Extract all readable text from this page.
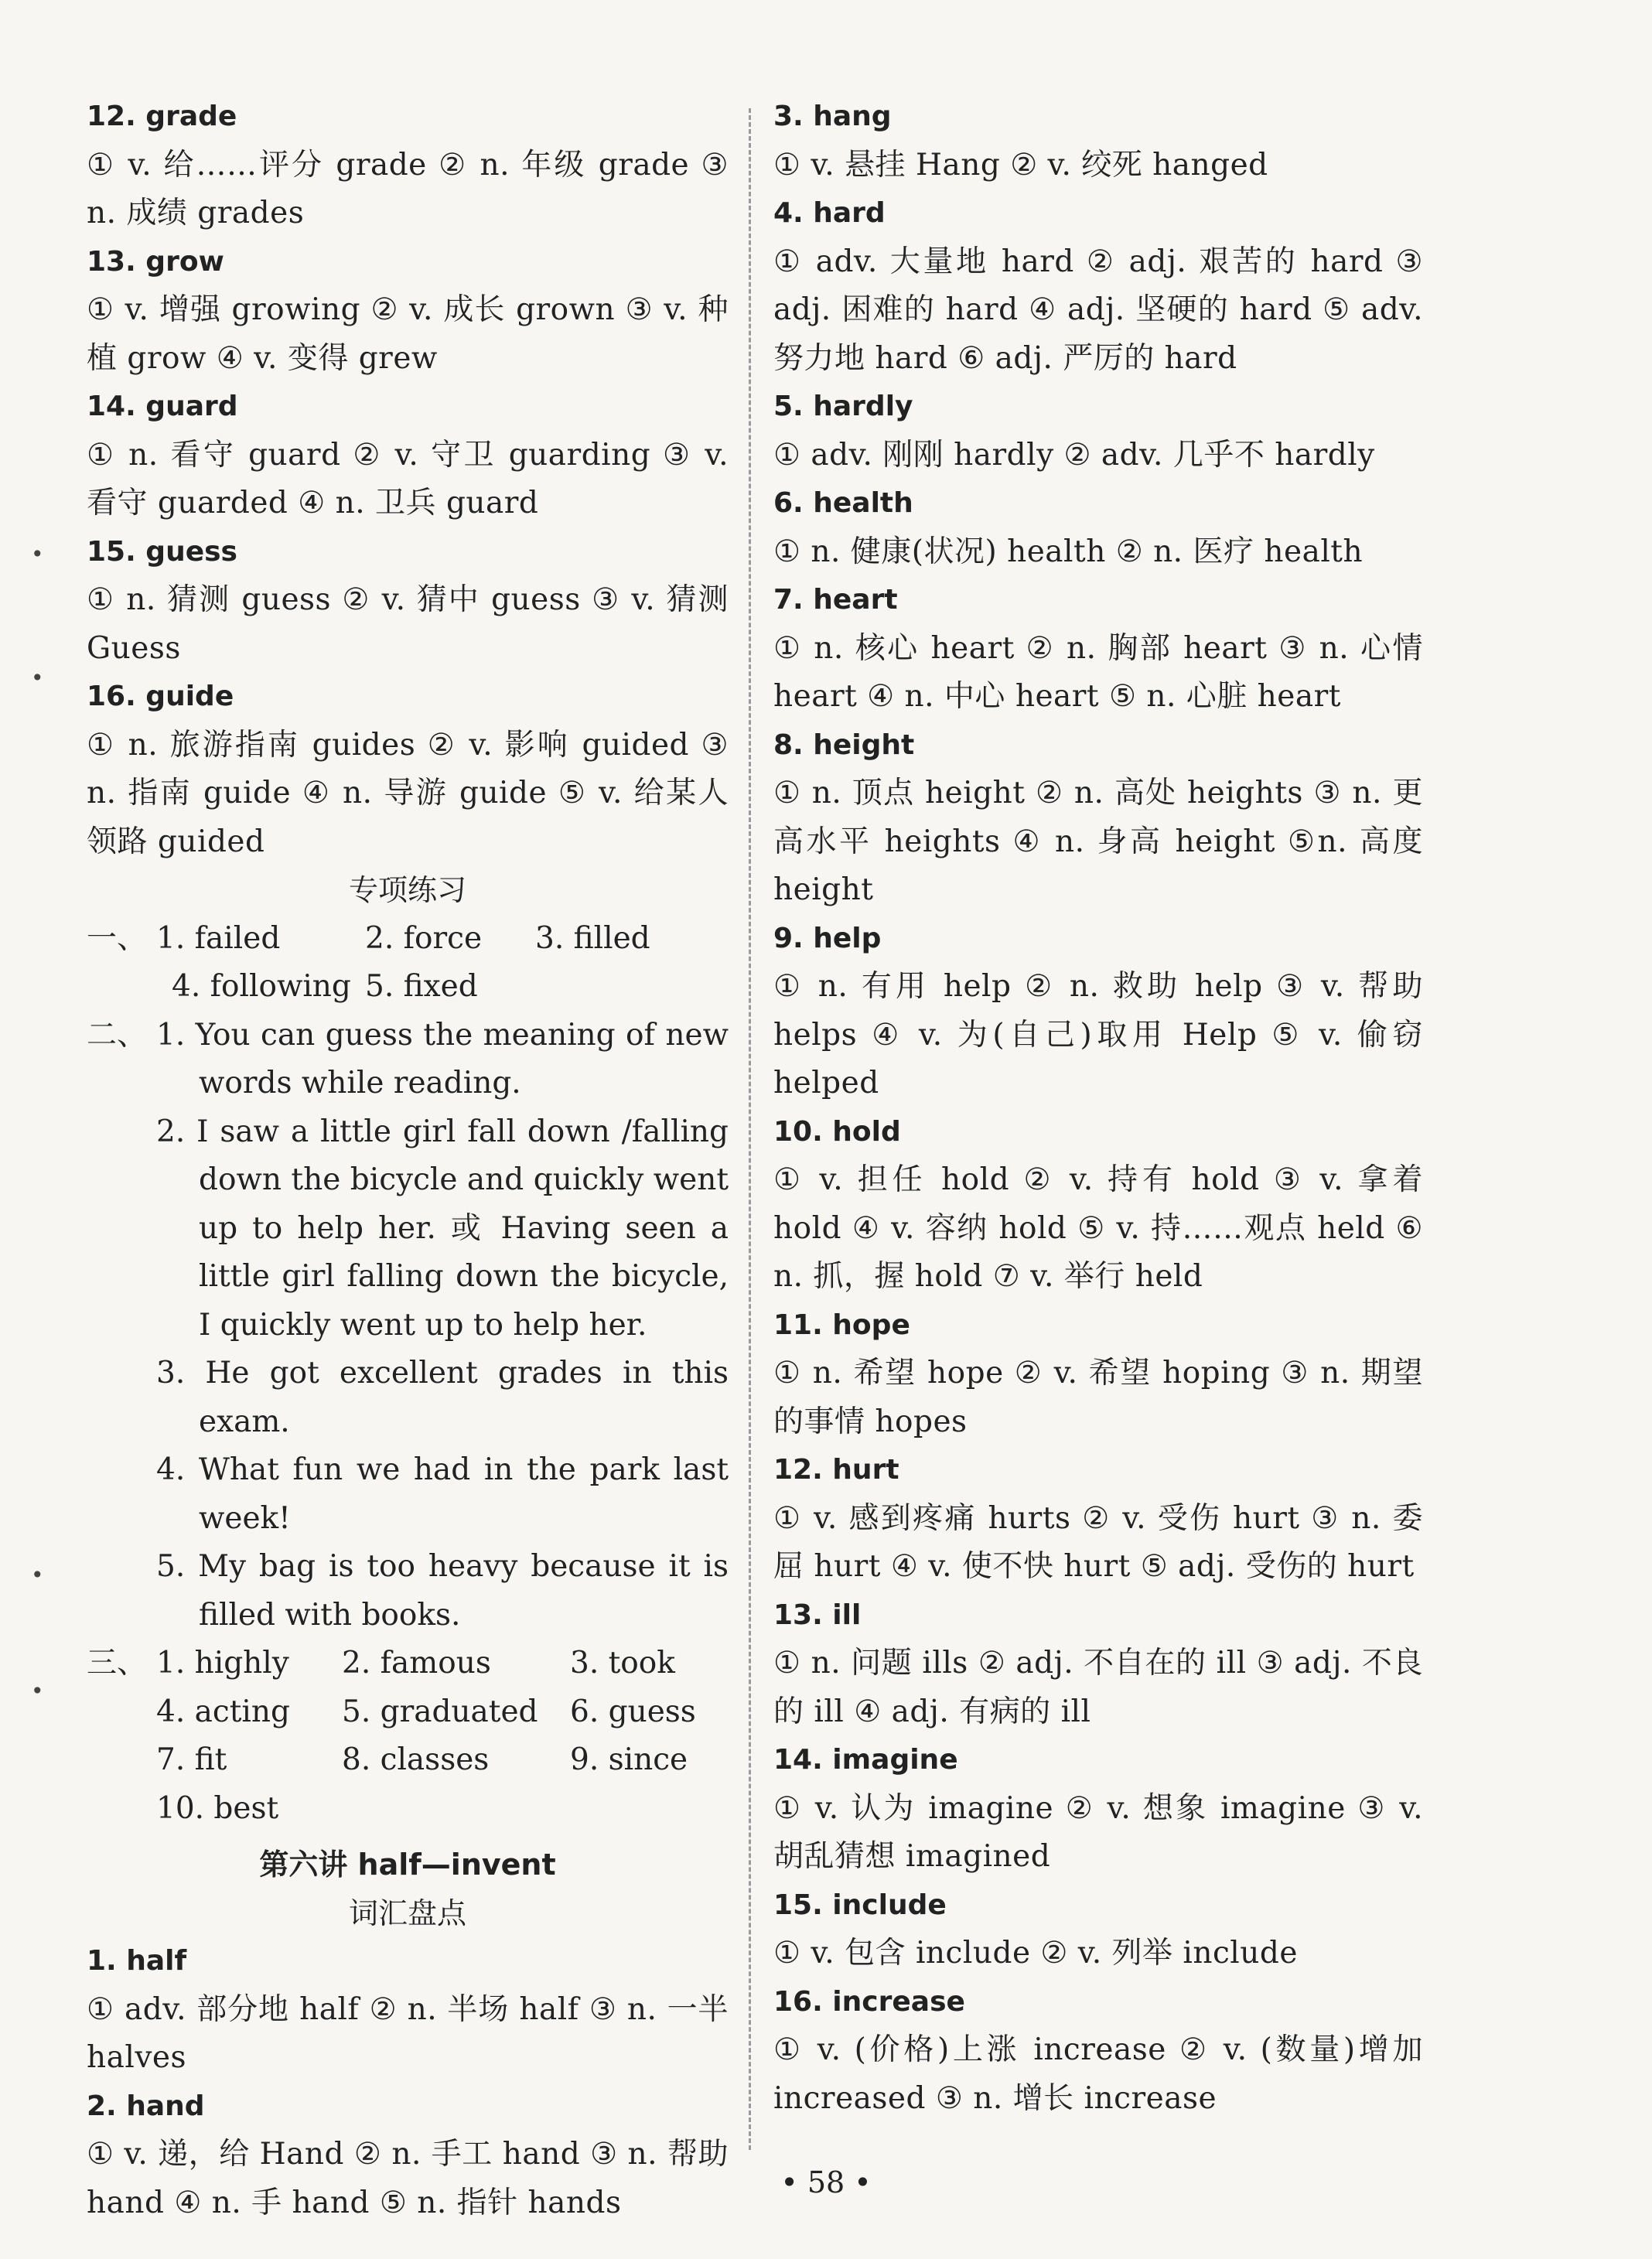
•
•
•
•
12. grade
① v. 给……评分 grade ② n. 年级 grade ③ n. 成绩 grades
13. grow
① v. 增强 growing ② v. 成长 grown ③ v. 种植 grow ④ v. 变得 grew
14. guard
① n. 看守 guard ② v. 守卫 guarding ③ v. 看守 guarded ④ n. 卫兵 guard
15. guess
① n. 猜测 guess ② v. 猜中 guess ③ v. 猜测 Guess
16. guide
① n. 旅游指南 guides ② v. 影响 guided ③ n. 指南 guide ④ n. 导游 guide ⑤ v. 给某人领路 guided
专项练习
一、 1. failed	2. force	3. filled
4. following 5. fixed
二、 1. You can guess the meaning of new words while reading.
2. I saw a little girl fall down /falling down the bicycle and quickly went up to help her. 或 Having seen a little girl falling down the bicycle, I quickly went up to help her.
3. He got excellent grades in this exam.
4. What fun we had in the park last week!
5. My bag is too heavy because it is filled with books.
三、 1. highly	2. famous	3. took
4. acting	5. graduated	6. guess
7. fit	8. classes	9. since
10. best
第六讲 half—invent
词汇盘点
1. half
① adv. 部分地 half ② n. 半场 half ③ n. 一半 halves
2. hand
① v. 递，给 Hand ② n. 手工 hand ③ n. 帮助 hand ④ n. 手 hand ⑤ n. 指针 hands
3. hang
① v. 悬挂 Hang ② v. 绞死 hanged
4. hard
① adv. 大量地 hard ② adj. 艰苦的 hard ③ adj. 困难的 hard ④ adj. 坚硬的 hard ⑤ adv. 努力地 hard ⑥ adj. 严厉的 hard
5. hardly
① adv. 刚刚 hardly ② adv. 几乎不 hardly
6. health
① n. 健康(状况) health ② n. 医疗 health
7. heart
① n. 核心 heart ② n. 胸部 heart ③ n. 心情 heart ④ n. 中心 heart ⑤ n. 心脏 heart
8. height
① n. 顶点 height ② n. 高处 heights ③ n. 更高水平 heights ④ n. 身高 height ⑤n. 高度 height
9. help
① n. 有用 help ② n. 救助 help ③ v. 帮助 helps ④ v. 为(自己)取用 Help ⑤ v. 偷窃 helped
10. hold
① v. 担任 hold ② v. 持有 hold ③ v. 拿着 hold ④ v. 容纳 hold ⑤ v. 持……观点 held ⑥ n. 抓，握 hold ⑦ v. 举行 held
11. hope
① n. 希望 hope ② v. 希望 hoping ③ n. 期望的事情 hopes
12. hurt
① v. 感到疼痛 hurts ② v. 受伤 hurt ③ n. 委屈 hurt ④ v. 使不快 hurt ⑤ adj. 受伤的 hurt
13. ill
① n. 问题 ills ② adj. 不自在的 ill ③ adj. 不良的 ill ④ adj. 有病的 ill
14. imagine
① v. 认为 imagine ② v. 想象 imagine ③ v. 胡乱猜想 imagined
15. include
① v. 包含 include ② v. 列举 include
16. increase
① v. (价格)上涨 increase ② v. (数量)增加 increased ③ n. 增长 increase
• 58 •
